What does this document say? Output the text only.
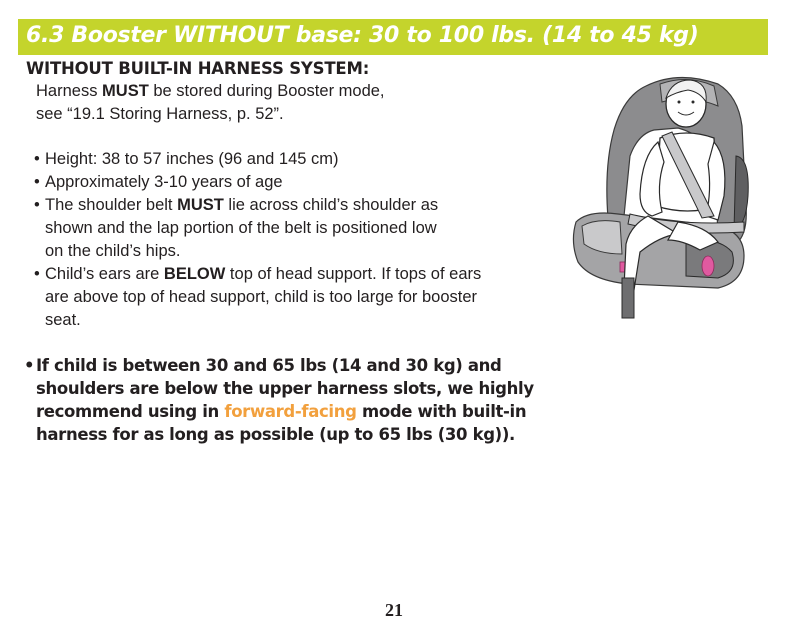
6.3 Booster WITHOUT base: 30 to 100 lbs. (14 to 45 kg)
WITHOUT BUILT-IN HARNESS SYSTEM:

Harness MUST be stored during Booster mode,
see “19.1 Storing Harness, p. 52”.

• Height: 38 to 57 inches (96 and 145 cm)
• Approximately 3-10 years of age
• The shoulder belt MUST lie across child’s shoulder as
shown and the lap portion of the belt is positioned low
on the child’s hips.
• Child’s ears are BELOW top of head support. If tops of ears
are above top of head support, child is too large for booster
seat.

• If child is between 30 and 65 lbs (14 and 30 kg) and
shoulders are below the upper harness slots, we highly
recommend using in forward-facing mode with built-in
harness for as long as possible (up to 65 lbs (30 kg)).

21
